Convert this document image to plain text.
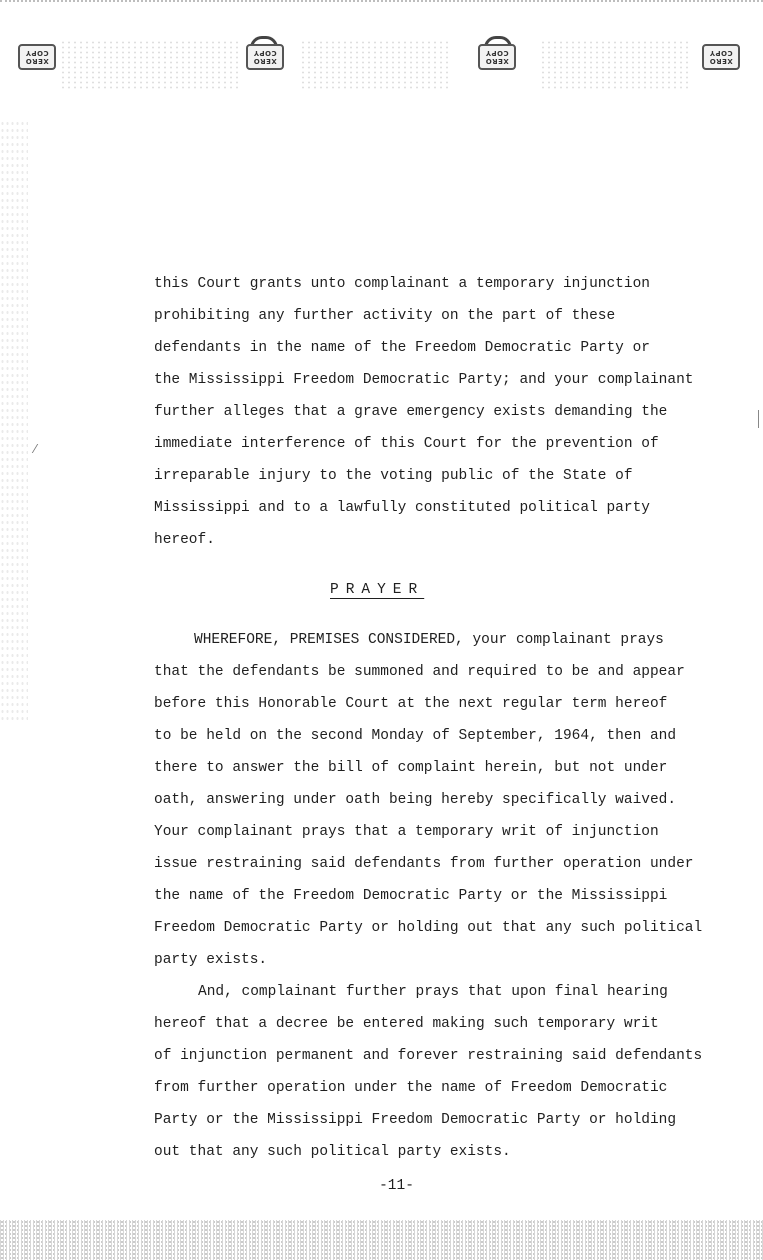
XERO
COPY
XERO
COPY
XERO
COPY
XERO
COPY
⁄
this Court grants unto complainant a temporary injunction
prohibiting any further activity on the part of these
defendants in the name of the Freedom Democratic Party or
the Mississippi Freedom Democratic Party; and your complainant
further alleges that a grave emergency exists demanding the
immediate interference of this Court for the prevention of
irreparable injury to the voting public of the State of
Mississippi and to a lawfully constituted political party
hereof.
PRAYER
WHEREFORE, PREMISES CONSIDERED, your complainant prays
that the defendants be summoned and required to be and appear
before this Honorable Court at the next regular term hereof
to be held on the second Monday of September, 1964, then and
there to answer the bill of complaint herein, but not under
oath, answering under oath being hereby specifically waived.
Your complainant prays that a temporary writ of injunction
issue restraining said defendants from further operation under
the name of the Freedom Democratic Party or the Mississippi
Freedom Democratic Party or holding out that any such political
party exists.
And, complainant further prays that upon final hearing
hereof that a decree be entered making such temporary writ
of injunction permanent and forever restraining said defendants
from further operation under the name of Freedom Democratic
Party or the Mississippi Freedom Democratic Party or holding
out that any such political party exists.
-11-
